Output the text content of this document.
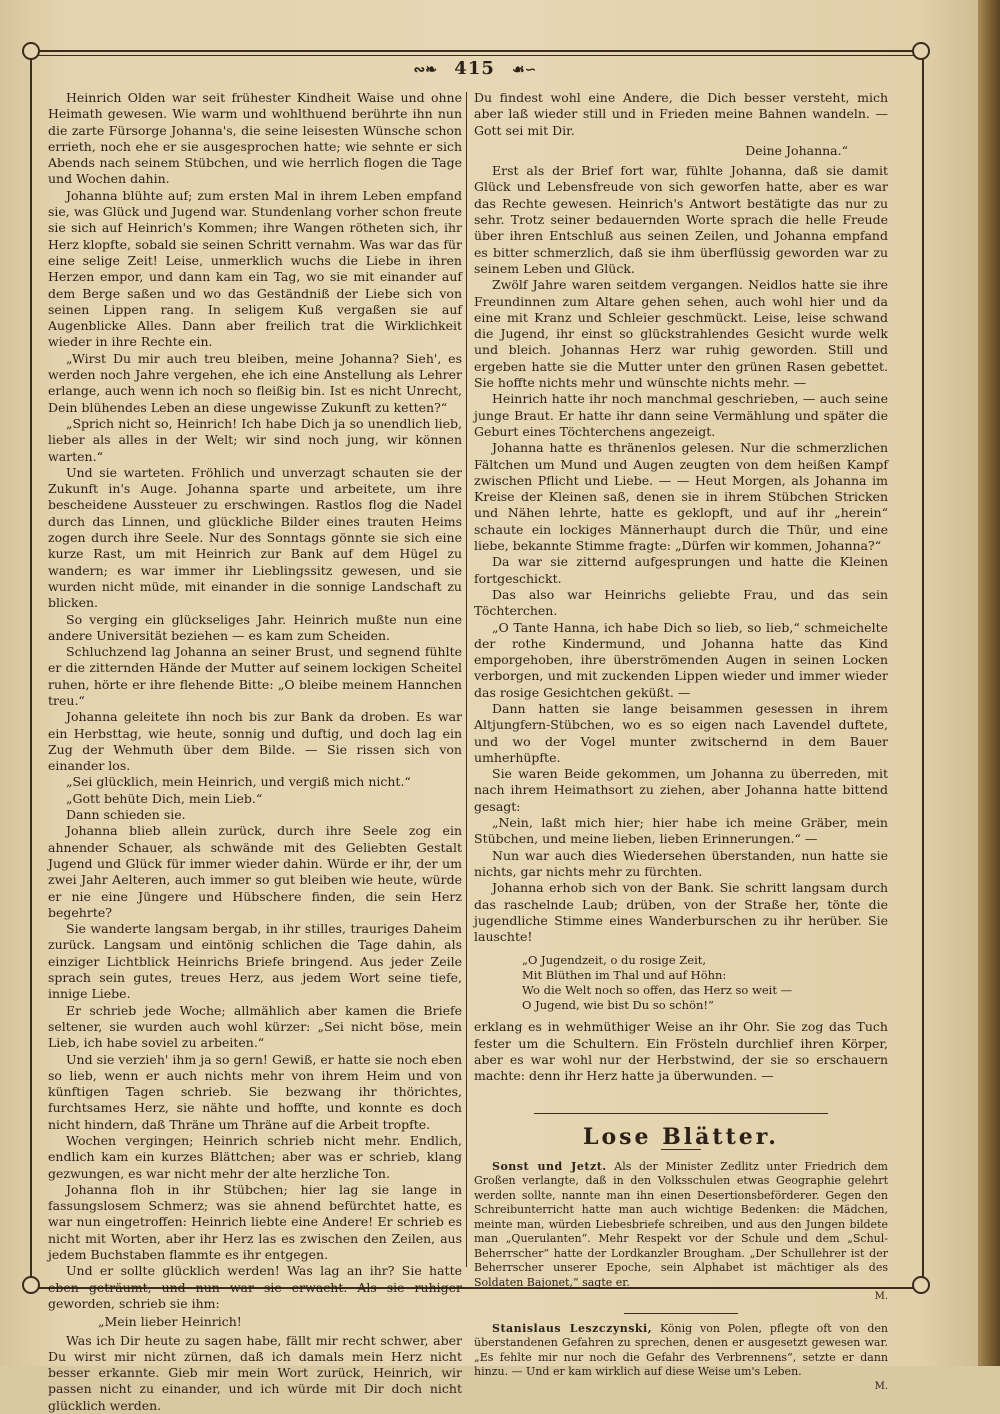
∾❧ 415 ☙∽

Heinrich Olden war seit frühester Kindheit Waise und ohne Heimath gewesen. Wie warm und wohlthuend berührte ihn nun die zarte Fürsorge Johanna's, die seine leisesten Wünsche schon errieth, noch ehe er sie ausgesprochen hatte; wie sehnte er sich Abends nach seinem Stübchen, und wie herrlich flogen die Tage und Wochen dahin.

Johanna blühte auf; zum ersten Mal in ihrem Leben empfand sie, was Glück und Jugend war. Stundenlang vorher schon freute sie sich auf Heinrich's Kommen; ihre Wangen rötheten sich, ihr Herz klopfte, sobald sie seinen Schritt vernahm. Was war das für eine selige Zeit! Leise, unmerklich wuchs die Liebe in ihren Herzen empor, und dann kam ein Tag, wo sie mit einander auf dem Berge saßen und wo das Geständniß der Liebe sich von seinen Lippen rang. In seligem Kuß vergaßen sie auf Augenblicke Alles. Dann aber freilich trat die Wirklichkeit wieder in ihre Rechte ein.

„Wirst Du mir auch treu bleiben, meine Johanna? Sieh', es werden noch Jahre vergehen, ehe ich eine Anstellung als Lehrer erlange, auch wenn ich noch so fleißig bin. Ist es nicht Unrecht, Dein blühendes Leben an diese ungewisse Zukunft zu ketten?“

„Sprich nicht so, Heinrich! Ich habe Dich ja so unendlich lieb, lieber als alles in der Welt; wir sind noch jung, wir können warten.“

Und sie warteten. Fröhlich und unverzagt schauten sie der Zukunft in's Auge. Johanna sparte und arbeitete, um ihre bescheidene Aussteuer zu erschwingen. Rastlos flog die Nadel durch das Linnen, und glückliche Bilder eines trauten Heims zogen durch ihre Seele. Nur des Sonntags gönnte sie sich eine kurze Rast, um mit Heinrich zur Bank auf dem Hügel zu wandern; es war immer ihr Lieblingssitz gewesen, und sie wurden nicht müde, mit einander in die sonnige Landschaft zu blicken.

So verging ein glückseliges Jahr. Heinrich mußte nun eine andere Universität beziehen — es kam zum Scheiden.

Schluchzend lag Johanna an seiner Brust, und segnend fühlte er die zitternden Hände der Mutter auf seinem lockigen Scheitel ruhen, hörte er ihre flehende Bitte: „O bleibe meinem Hannchen treu.“

Johanna geleitete ihn noch bis zur Bank da droben. Es war ein Herbsttag, wie heute, sonnig und duftig, und doch lag ein Zug der Wehmuth über dem Bilde. — Sie rissen sich von einander los.

„Sei glücklich, mein Heinrich, und vergiß mich nicht.“

„Gott behüte Dich, mein Lieb.“

Dann schieden sie.

Johanna blieb allein zurück, durch ihre Seele zog ein ahnender Schauer, als schwände mit des Geliebten Gestalt Jugend und Glück für immer wieder dahin. Würde er ihr, der um zwei Jahr Aelteren, auch immer so gut bleiben wie heute, würde er nie eine Jüngere und Hübschere finden, die sein Herz begehrte?

Sie wanderte langsam bergab, in ihr stilles, trauriges Daheim zurück. Langsam und eintönig schlichen die Tage dahin, als einziger Lichtblick Heinrichs Briefe bringend. Aus jeder Zeile sprach sein gutes, treues Herz, aus jedem Wort seine tiefe, innige Liebe.

Er schrieb jede Woche; allmählich aber kamen die Briefe seltener, sie wurden auch wohl kürzer: „Sei nicht böse, mein Lieb, ich habe soviel zu arbeiten.“

Und sie verzieh' ihm ja so gern! Gewiß, er hatte sie noch eben so lieb, wenn er auch nichts mehr von ihrem Heim und von künftigen Tagen schrieb. Sie bezwang ihr thörichtes, furchtsames Herz, sie nähte und hoffte, und konnte es doch nicht hindern, daß Thräne um Thräne auf die Arbeit tropfte.

Wochen vergingen; Heinrich schrieb nicht mehr. Endlich, endlich kam ein kurzes Blättchen; aber was er schrieb, klang gezwungen, es war nicht mehr der alte herzliche Ton.

Johanna floh in ihr Stübchen; hier lag sie lange in fassungslosem Schmerz; was sie ahnend befürchtet hatte, es war nun eingetroffen: Heinrich liebte eine Andere! Er schrieb es nicht mit Worten, aber ihr Herz las es zwischen den Zeilen, aus jedem Buchstaben flammte es ihr entgegen.

Und er sollte glücklich werden! Was lag an ihr? Sie hatte eben geträumt, und nun war sie erwacht. Als sie ruhiger geworden, schrieb sie ihm:

„Mein lieber Heinrich!

Was ich Dir heute zu sagen habe, fällt mir recht schwer, aber Du wirst mir nicht zürnen, daß ich damals mein Herz nicht besser erkannte. Gieb mir mein Wort zurück, Heinrich, wir passen nicht zu einander, und ich würde mit Dir doch nicht glücklich werden.

Du findest wohl eine Andere, die Dich besser versteht, mich aber laß wieder still und in Frieden meine Bahnen wandeln. — Gott sei mit Dir.

Deine Johanna.“

Erst als der Brief fort war, fühlte Johanna, daß sie damit Glück und Lebensfreude von sich geworfen hatte, aber es war das Rechte gewesen. Heinrich's Antwort bestätigte das nur zu sehr. Trotz seiner bedauernden Worte sprach die helle Freude über ihren Entschluß aus seinen Zeilen, und Johanna empfand es bitter schmerzlich, daß sie ihm überflüssig geworden war zu seinem Leben und Glück.

Zwölf Jahre waren seitdem vergangen. Neidlos hatte sie ihre Freundinnen zum Altare gehen sehen, auch wohl hier und da eine mit Kranz und Schleier geschmückt. Leise, leise schwand die Jugend, ihr einst so glückstrahlendes Gesicht wurde welk und bleich. Johannas Herz war ruhig geworden. Still und ergeben hatte sie die Mutter unter den grünen Rasen gebettet. Sie hoffte nichts mehr und wünschte nichts mehr. —

Heinrich hatte ihr noch manchmal geschrieben, — auch seine junge Braut. Er hatte ihr dann seine Vermählung und später die Geburt eines Töchterchens angezeigt.

Johanna hatte es thränenlos gelesen. Nur die schmerzlichen Fältchen um Mund und Augen zeugten von dem heißen Kampf zwischen Pflicht und Liebe. — — Heut Morgen, als Johanna im Kreise der Kleinen saß, denen sie in ihrem Stübchen Stricken und Nähen lehrte, hatte es geklopft, und auf ihr „herein“ schaute ein lockiges Männerhaupt durch die Thür, und eine liebe, bekannte Stimme fragte: „Dürfen wir kommen, Johanna?“

Da war sie zitternd aufgesprungen und hatte die Kleinen fortgeschickt.

Das also war Heinrichs geliebte Frau, und das sein Töchterchen.

„O Tante Hanna, ich habe Dich so lieb, so lieb,“ schmeichelte der rothe Kindermund, und Johanna hatte das Kind emporgehoben, ihre überströmenden Augen in seinen Locken verborgen, und mit zuckenden Lippen wieder und immer wieder das rosige Gesichtchen geküßt. —

Dann hatten sie lange beisammen gesessen in ihrem Altjungfern-Stübchen, wo es so eigen nach Lavendel duftete, und wo der Vogel munter zwitschernd in dem Bauer umherhüpfte.

Sie waren Beide gekommen, um Johanna zu überreden, mit nach ihrem Heimathsort zu ziehen, aber Johanna hatte bittend gesagt:

„Nein, laßt mich hier; hier habe ich meine Gräber, mein Stübchen, und meine lieben, lieben Erinnerungen.“ —

Nun war auch dies Wiedersehen überstanden, nun hatte sie nichts, gar nichts mehr zu fürchten.

Johanna erhob sich von der Bank. Sie schritt langsam durch das raschelnde Laub; drüben, von der Straße her, tönte die jugendliche Stimme eines Wanderburschen zu ihr herüber. Sie lauschte!

„O Jugendzeit, o du rosige Zeit,
Mit Blüthen im Thal und auf Höhn:
Wo die Welt noch so offen, das Herz so weit —
O Jugend, wie bist Du so schön!“

erklang es in wehmüthiger Weise an ihr Ohr. Sie zog das Tuch fester um die Schultern. Ein Frösteln durchlief ihren Körper, aber es war wohl nur der Herbstwind, der sie so erschauern machte: denn ihr Herz hatte ja überwunden. —

Lose Blätter.

Sonst und Jetzt. Als der Minister Zedlitz unter Friedrich dem Großen verlangte, daß in den Volksschulen etwas Geographie gelehrt werden sollte, nannte man ihn einen Desertionsbeförderer. Gegen den Schreibunterricht hatte man auch wichtige Bedenken: die Mädchen, meinte man, würden Liebesbriefe schreiben, und aus den Jungen bildete man „Querulanten“. Mehr Respekt vor der Schule und dem „Schul-Beherrscher“ hatte der Lordkanzler Brougham. „Der Schullehrer ist der Beherrscher unserer Epoche, sein Alphabet ist mächtiger als des Soldaten Bajonet,“ sagte er.

M.

Stanislaus Leszczynski, König von Polen, pflegte oft von den überstandenen Gefahren zu sprechen, denen er ausgesetzt gewesen war. „Es fehlte mir nur noch die Gefahr des Verbrennens“, setzte er dann hinzu. — Und er kam wirklich auf diese Weise um's Leben.

M.
